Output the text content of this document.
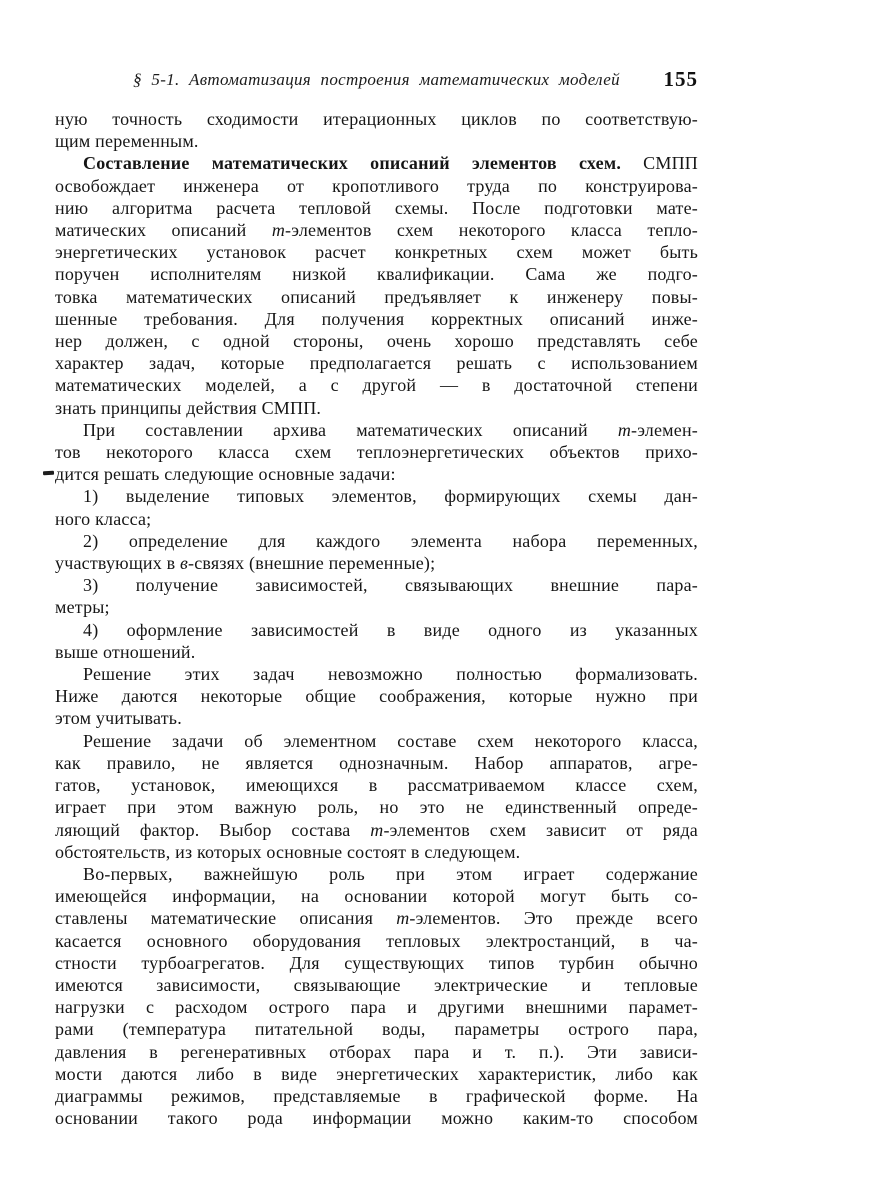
§ 5-1. Автоматизация построения математических моделей	155
ную точность сходимости итерационных циклов по соответствую-
щим переменным.
Составление математических описаний элементов схем. СМПП
освобождает инженера от кропотливого труда по конструирова-
нию алгоритма расчета тепловой схемы. После подготовки мате-
матических описаний т-элементов схем некоторого класса тепло-
энергетических установок расчет конкретных схем может быть
поручен исполнителям низкой квалификации. Сама же подго-
товка математических описаний предъявляет к инженеру повы-
шенные требования. Для получения корректных описаний инже-
нер должен, с одной стороны, очень хорошо представлять себе
характер задач, которые предполагается решать с использованием
математических моделей, а с другой — в достаточной степени
знать принципы действия СМПП.
При составлении архива математических описаний т-элемен-
тов некоторого класса схем теплоэнергетических объектов прихо-
дится решать следующие основные задачи:
1) выделение типовых элементов, формирующих схемы дан-
ного класса;
2) определение для каждого элемента набора переменных,
участвующих в в-связях (внешние переменные);
3) получение зависимостей, связывающих внешние пара-
метры;
4) оформление зависимостей в виде одного из указанных
выше отношений.
Решение этих задач невозможно полностью формализовать.
Ниже даются некоторые общие соображения, которые нужно при
этом учитывать.
Решение задачи об элементном составе схем некоторого класса,
как правило, не является однозначным. Набор аппаратов, агре-
гатов, установок, имеющихся в рассматриваемом классе схем,
играет при этом важную роль, но это не единственный опреде-
ляющий фактор. Выбор состава т-элементов схем зависит от ряда
обстоятельств, из которых основные состоят в следующем.
Во-первых, важнейшую роль при этом играет содержание
имеющейся информации, на основании которой могут быть со-
ставлены математические описания т-элементов. Это прежде всего
касается основного оборудования тепловых электростанций, в ча-
стности турбоагрегатов. Для существующих типов турбин обычно
имеются зависимости, связывающие электрические и тепловые
нагрузки с расходом острого пара и другими внешними парамет-
рами (температура питательной воды, параметры острого пара,
давления в регенеративных отборах пара и т. п.). Эти зависи-
мости даются либо в виде энергетических характеристик, либо как
диаграммы режимов, представляемые в графической форме. На
основании такого рода информации можно каким-то способом
